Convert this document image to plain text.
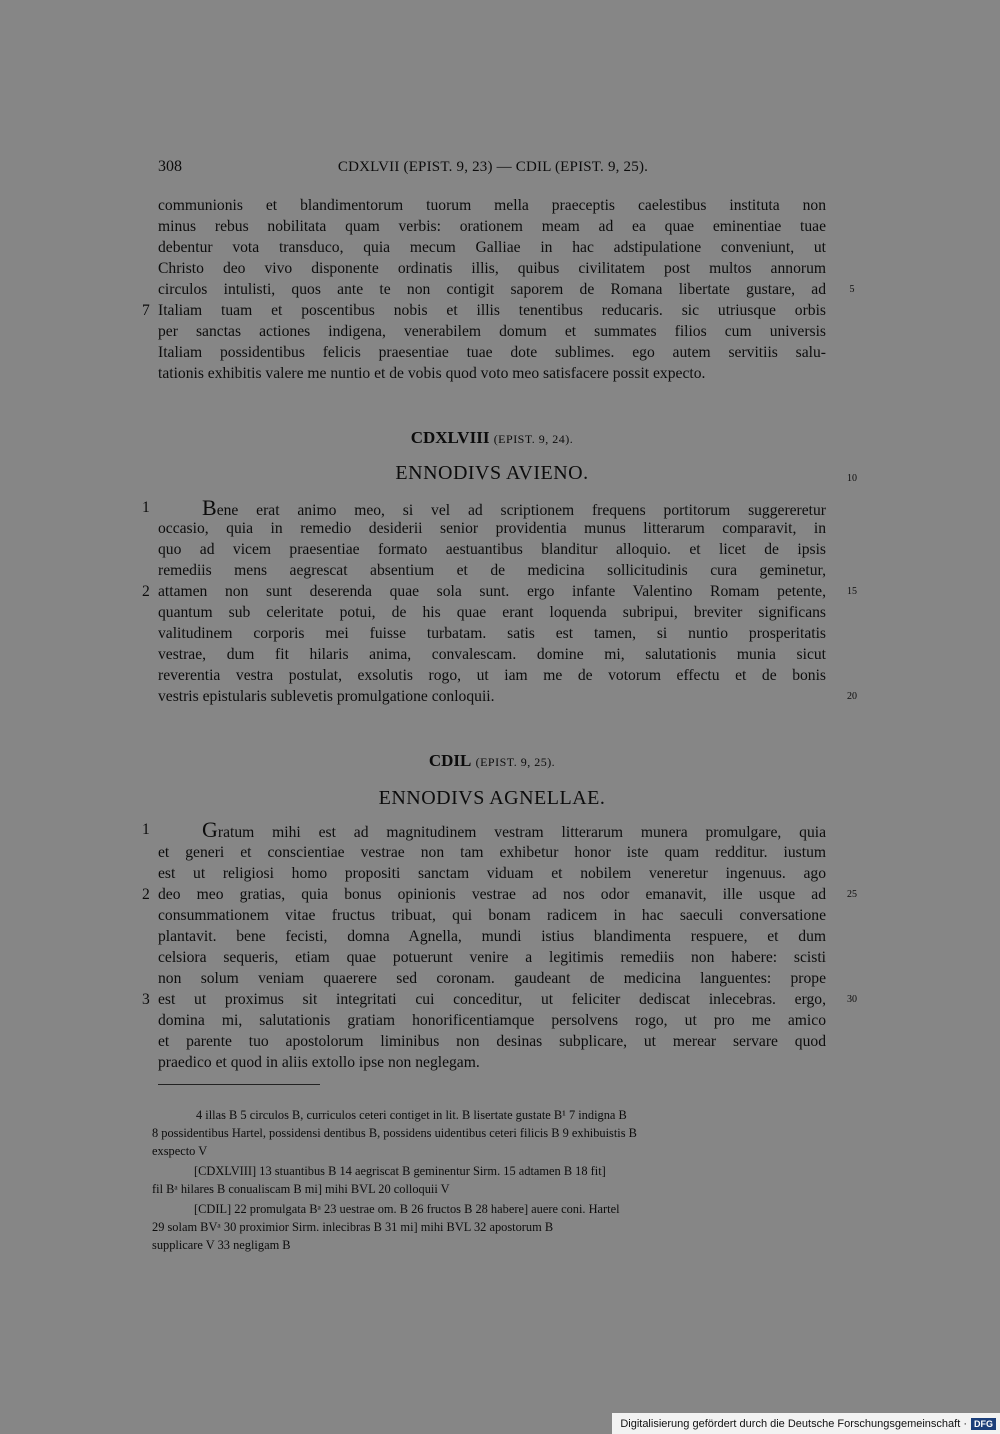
308	CDXLVII (EPIST. 9, 23) — CDIL (EPIST. 9, 25).
communionis et blandimentorum tuorum mella praeceptis caelestibus instituta non
minus rebus nobilitata quam verbis: orationem meam ad ea quae eminentiae tuae
debentur vota transduco, quia mecum Galliae in hac adstipulatione conveniunt, ut
Christo deo vivo disponente ordinatis illis, quibus civilitatem post multos annorum
circulos intulisti, quos ante te non contigit saporem de Romana libertate gustare, ad
Italiam tuam et poscentibus nobis et illis tenentibus reducaris. sic utriusque orbis
per sanctas actiones indigena, venerabilem domum et summates filios cum universis
Italiam possidentibus felicis praesentiae tuae dote sublimes. ego autem servitiis salu-
tationis exhibitis valere me nuntio et de vobis quod voto meo satisfacere possit expecto.
7
5
CDXLVIII (EPIST. 9, 24).
ENNODIVS AVIENO.	10
Bene erat animo meo, si vel ad scriptionem frequens portitorum suggereretur
occasio, quia in remedio desiderii senior providentia munus litterarum comparavit, in
quo ad vicem praesentiae formato aestuantibus blanditur alloquio. et licet de ipsis
remediis mens aegrescat absentium et de medicina sollicitudinis cura geminetur,
attamen non sunt deserenda quae sola sunt. ergo infante Valentino Romam petente,
quantum sub celeritate potui, de his quae erant loquenda subripui, breviter significans
valitudinem corporis mei fuisse turbatam. satis est tamen, si nuntio prosperitatis
vestrae, dum fit hilaris anima, convalescam. domine mi, salutationis munia sicut
reverentia vestra postulat, exsolutis rogo, ut iam me de votorum effectu et de bonis
vestris epistularis sublevetis promulgatione conloquii.
1
2	15
20
CDIL (EPIST. 9, 25).
ENNODIVS AGNELLAE.
Gratum mihi est ad magnitudinem vestram litterarum munera promulgare, quia
et generi et conscientiae vestrae non tam exhibetur honor iste quam redditur. iustum
est ut religiosi homo propositi sanctam viduam et nobilem veneretur ingenuus. ago
deo meo gratias, quia bonus opinionis vestrae ad nos odor emanavit, ille usque ad
consummationem vitae fructus tribuat, qui bonam radicem in hac saeculi conversatione
plantavit. bene fecisti, domna Agnella, mundi istius blandimenta respuere, et dum
celsiora sequeris, etiam quae potuerunt venire a legitimis remediis non habere: scisti
non solum veniam quaerere sed coronam. gaudeant de medicina languentes: prope
est ut proximus sit integritati cui conceditur, ut feliciter dediscat inlecebras. ergo,
domina mi, salutationis gratiam honorificentiamque persolvens rogo, ut pro me amico
et parente tuo apostolorum liminibus non desinas subplicare, ut merear servare quod
praedico et quod in aliis extollo ipse non neglegam.
1
2
3
25
30
4 illas B 5 circulos B, curriculos ceteri contiget in lit. B lisertate gustate B¹ 7 indigna B
8 possidentibus Hartel, possidensi dentibus B, possidens uidentibus ceteri filicis B 9 exhibuistis B
exspecto V
[CDXLVIII] 13 stuantibus B 14 aegriscat B geminentur Sirm. 15 adtamen B 18 fit]
fil Bᵃ hilares B conualiscam B mi] mihi BVL 20 colloquii V
[CDIL] 22 promulgata Bᵃ 23 uestrae om. B 26 fructos B 28 habere] auere coni. Hartel
29 solam BVᵃ 30 proximior Sirm. inlecibras B 31 mi] mihi BVL 32 apostorum B
supplicare V 33 negligam B
Digitalisierung gefördert durch die Deutsche Forschungsgemeinschaft · DFG
